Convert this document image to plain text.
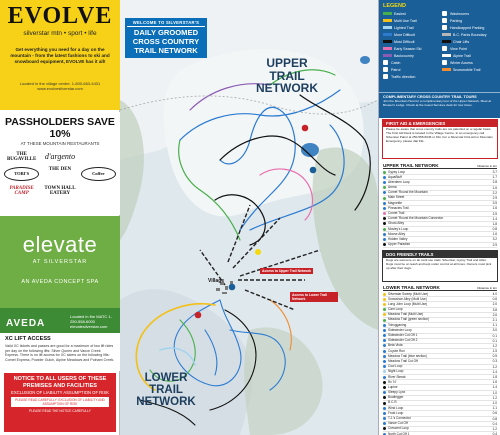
EVOLVE
silverstar mtn • sport • life
Get everything you need for a day on the mountain - from the latest fashions to ski and snowboard equipment, EVOLVE has it all!
Located in the village centre. 1-800-663-4431 www.evolvesilverstar.com
PASSHOLDERS SAVE 10%
AT THESE MOUNTAIN RESTAURANTS
THE BUGAVILLE	d'argento
TOBI'S
THE DEN
Coffee
PARADISE CAMP
TOWN HALL EATERY
elevate
AT SILVERSTAR
AN AVEDA CONCEPT SPA
AVEDA
Located in the MATC 1-250-558-6000 elevatesilverstar.com
XC LIFT ACCESS
Valid XC tickets and passes are good for a maximum of two lift rides per day on the following lifts: Silver Queen and Vance Creek Express. There is no lift access for XC skiers on the following lifts: Comet Express, Powder Gulch, Alpine Meadows and Putnam Creek.
NOTICE TO ALL USERS OF THESE PREMISES AND FACILITIES
EXCLUSION OF LIABILITY ASSUMPTION OF RISK
PLEASE READ CAREFULLY: EXCLUSION OF LIABILITY AND ASSUMPTION OF RISK
PLEASE READ THE NOTICE CAREFULLY
WELCOME TO SILVERSTAR'S
DAILY GROOMED CROSS COUNTRY TRAIL NETWORK
UPPER TRAIL NETWORK
LOWER TRAIL NETWORK
Village
Access to Upper Trail Network
Access to Lower Trail Network
LEGEND
Easiest	Washrooms
Multi Use Trail	Parking
Lighted Trail	Handicapped Parking
More Difficult	B.C. Parks Boundary
Most Difficult	Chair Lifts
Early Season Ski	View Point
Backcountry	Alpine Trail
Cabin	Winter Access
Patrol	Snowmobile Trail
Traffic direction
COMPLIMENTARY CROSS COUNTRY TRAIL TOURS
Join the Mountain Host for a complimentary tour of the Upper Network. Meet at Brewer's Lodge. Check at the Guest Services desk for tour times.
FIRST AID & EMERGENCIES
Please be aware that cross country trails are not patrolled on a regular basis. The First Aid Desk is located in the Village Centre. In an emergency call Silverstar Patrol at 250-558-6046 or 911. For a Silverstar First Aid or Mountain Emergency, please dial 911.
UPPER TRAIL NETWORK	Distance in km
Gypsy Loop	3.7
AquaBluff	1.7
Aberdeen Loop	2.8
Arena	1.6
Comet 'Round the Mountain	2.2
Main Street	2.9
Magnetite	3.5
Pinnacles Trail	1.6
Comet Trail	2.5
Comet 'Round the Mountain Connector	1.4
Ghost Alley	1.8
Mosley's Loop	0.8
Moose Alley	1.6
Hidden Valley	3.2
Upper Paradise	2.9
DOG FRIENDLY TRAILS
Dogs are welcome on all multi use trails: Silverstar, Gypsy Trail and Alder. Dogs must be on leash and kept under control at all times. Owners must pick up after their dogs.
LOWER TRAIL NETWORK	Distance in km
Silverstar Sweep (Multi Use)	4.0
Snowshoe Alley (Multi Use)	0.6
Long John Loop (Multi Use)	2.0
Cam Loop	3.8
Meadow Trail (Multi Use)	2.6
Meadow Trail (green section)	2.1
Tobogganing	1.1
Sidewinder Loop	3.0
Sidewinder Cut Off 1	0.1
Sidewinder Cut Off 2	0.1
Beta Vista	1.2
Coyote Run	1.5
Meadow Trail (blue section)	0.5
Meadow Trail Cut Off	0.3
Cow Loop	1.2
Night Loop	1.4
River Streak	1.8
Rx 'N'	1.6
Lupine	1.4
Sleepy Lynx	1.0
Bootlegger	1.2
B.C.R.	1.0
Wind Loop	1.1
Frost Loop	0.6
T.J.'s Connector	0.8
Vance Cut Off	0.4
Crescent Loop	1.2
North Cut Off 1	0.4
